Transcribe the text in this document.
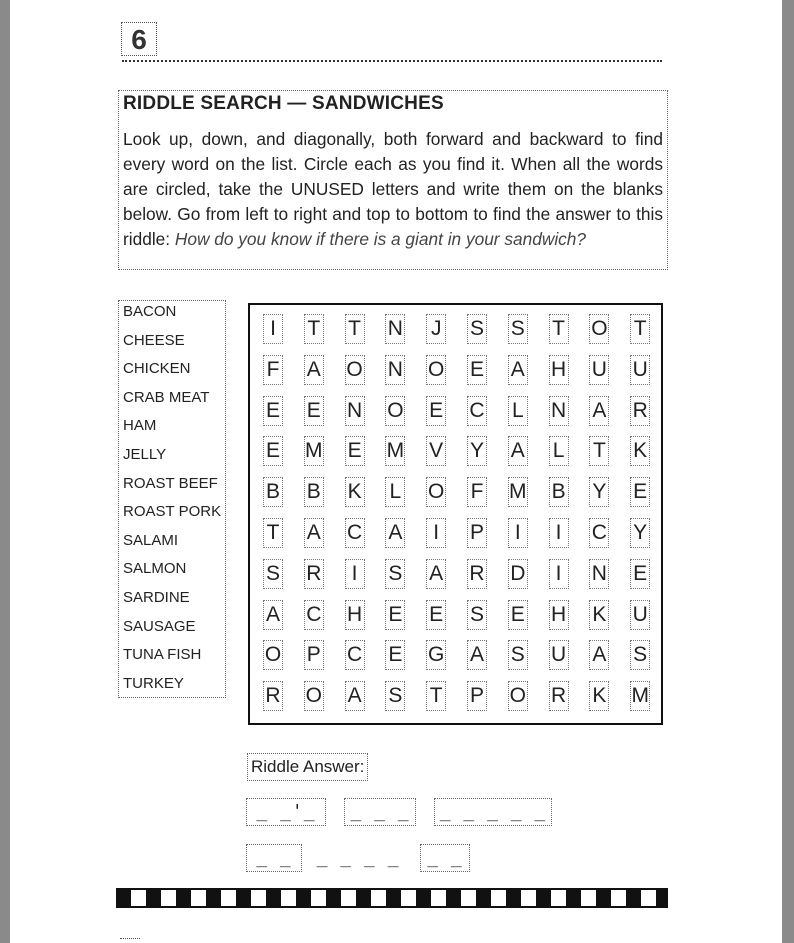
6
RIDDLE SEARCH — SANDWICHES

Look up, down, and diagonally, both forward and backward to find every word on the list. Circle each as you find it. When all the words are circled, take the UNUSED letters and write them on the blanks below. Go from left to right and top to bottom to find the answer to this riddle: How do you know if there is a giant in your sandwich?

BACON
CHEESE
CHICKEN
CRAB MEAT
HAM
JELLY
ROAST BEEF
ROAST PORK
SALAMI
SALMON
SARDINE
SAUSAGE
TUNA FISH
TURKEY
I	T T N J S S T O T
F A O N O E A H U U
E E N O E C L N A R
E M E M V Y A L T K
B B K L O F M B Y E
T A C A	I	P	I	I	C Y
S R	I	S A R D	I	N E
A C H E E S E H K U
O P C E G A S U A S
R O A S T P O R K M
Riddle Answer:
_ _'_	_ _ _	_ _ _ _ _
_ _	_ _ _ _	_ _
